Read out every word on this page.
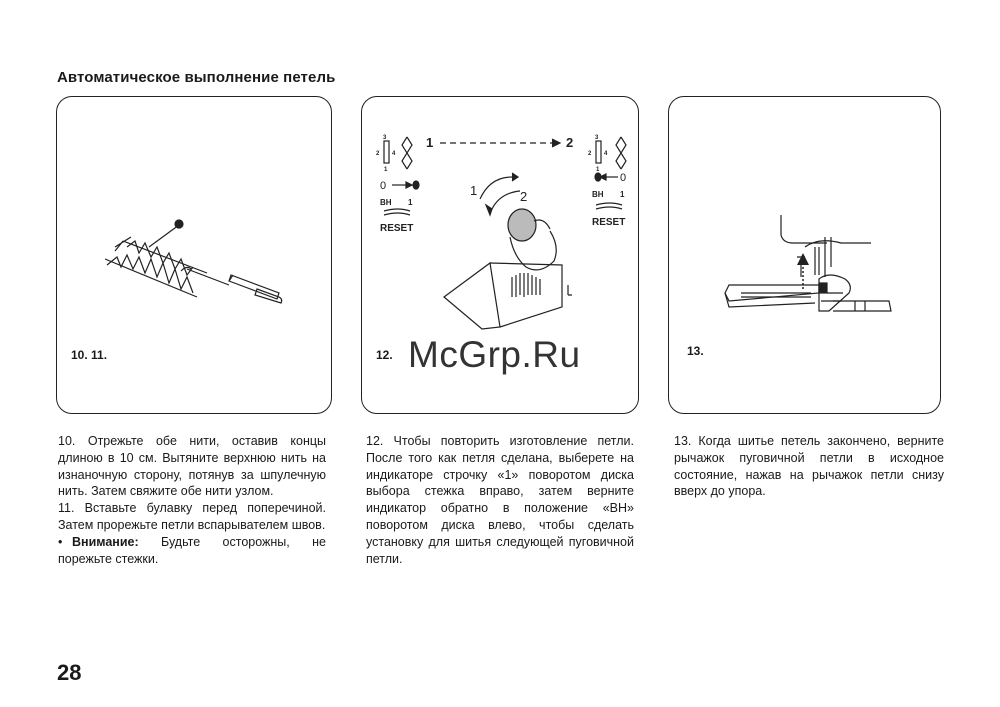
Автоматическое выполнение петель
10. 11.
1	2
3
2 4
1
0
BH 1
RESET
3
2 4
1
0
BH 1
RESET
1	2
12.	13.

10. Отрежьте обе нити, оставив концы длиною в 10 см. Вытяните верхнюю нить на изнаночную сторону, потянув за шпулечную нить. Затем свяжите обе нити узлом.

11. Вставьте булавку перед поперечиной. Затем прорежьте петли вспарывателем швов.

• Внимание: Будьте осторожны, не порежьте стежки.

12. Чтобы повторить изготовление петли. После того как петля сделана, выберете на индикаторе строчку «1» поворотом диска выбора стежка вправо, затем верните индикатор обратно в положение «BH» поворотом диска влево, чтобы сделать установку для шитья следующей пуговичной петли.

13. Когда шитье петель закончено, верните рычажок пуговичной петли в исходное состояние, нажав на рычажок петли снизу вверх до упора.

McGrp.Ru
28
